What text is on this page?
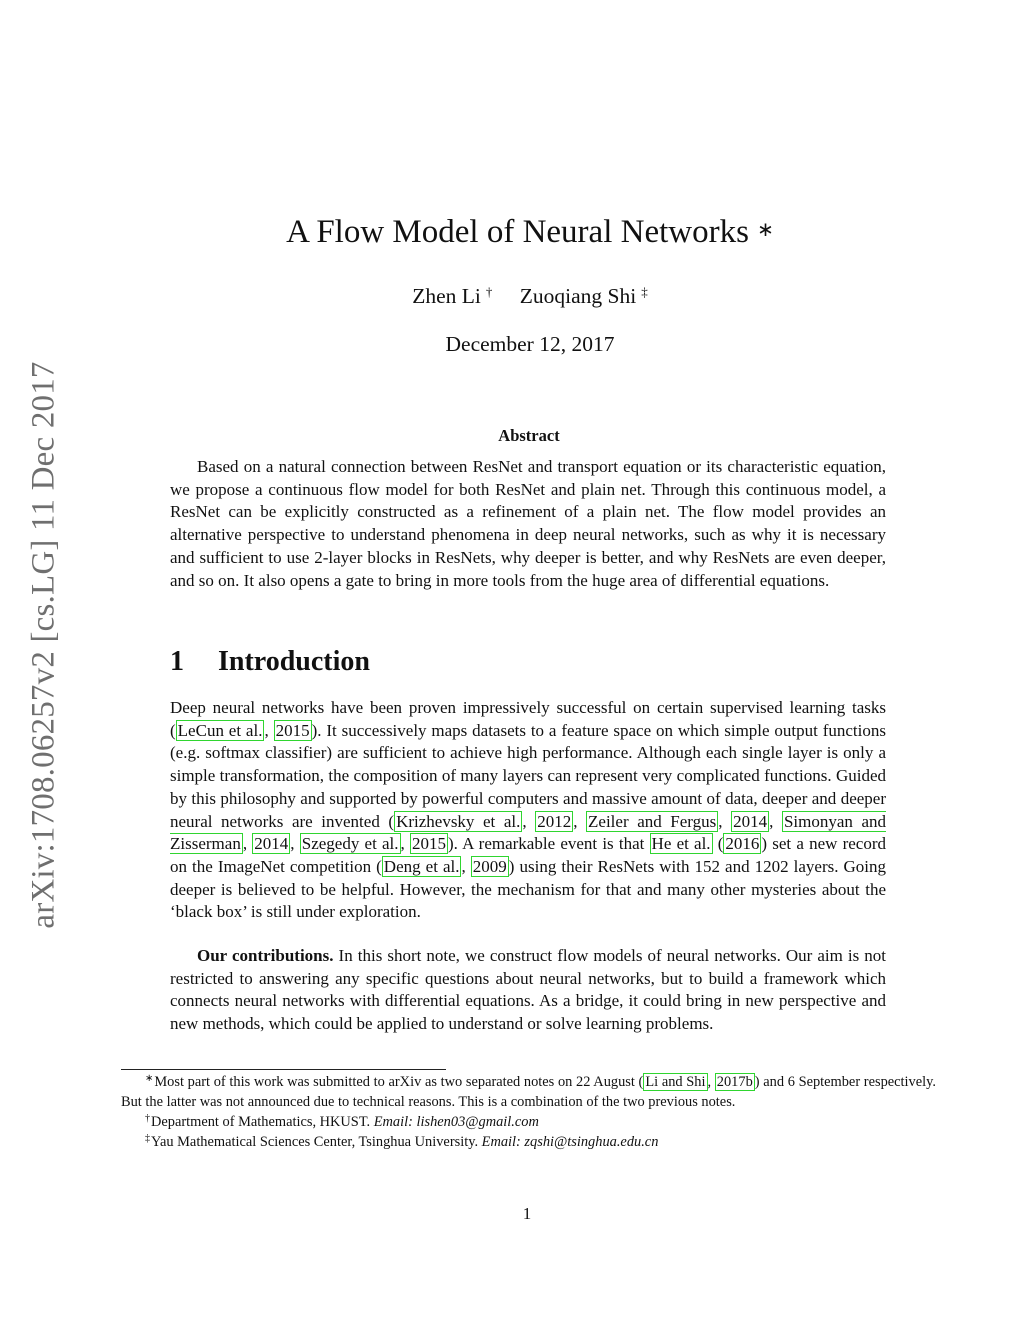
arXiv:1708.06257v2 [cs.LG] 11 Dec 2017
A Flow Model of Neural Networks ∗
Zhen Li † Zuoqiang Shi ‡
December 12, 2017
Abstract
Based on a natural connection between ResNet and transport equation or its characteristic equation, we propose a continuous flow model for both ResNet and plain net. Through this continuous model, a ResNet can be explicitly constructed as a refinement of a plain net. The flow model provides an alternative perspective to understand phenomena in deep neural networks, such as why it is necessary and sufficient to use 2-layer blocks in ResNets, why deeper is better, and why ResNets are even deeper, and so on. It also opens a gate to bring in more tools from the huge area of differential equations.
1 Introduction
Deep neural networks have been proven impressively successful on certain supervised learning tasks ( LeCun et al. , 2015 ). It successively maps datasets to a feature space on which simple output functions (e.g. softmax classifier) are sufficient to achieve high performance. Although each single layer is only a simple transformation, the composition of many layers can represent very complicated functions. Guided by this philosophy and supported by powerful computers and massive amount of data, deeper and deeper neural networks are invented ( Krizhevsky et al. , 2012 , Zeiler and Fergus , 2014 , Simonyan and Zisserman , 2014 , Szegedy et al. , 2015 ). A remarkable event is that He et al. ( 2016 ) set a new record on the ImageNet competition ( Deng et al. , 2009 ) using their ResNets with 152 and 1202 layers. Going deeper is believed to be helpful. However, the mechanism for that and many other mysteries about the ‘black box’ is still under exploration.
Our contributions. In this short note, we construct flow models of neural networks. Our aim is not restricted to answering any specific questions about neural networks, but to build a framework which connects neural networks with differential equations. As a bridge, it could bring in new perspective and new methods, which could be applied to understand or solve learning problems.
∗Most part of this work was submitted to arXiv as two separated notes on 22 August ( Li and Shi , 2017b ) and 6 September respectively. But the latter was not announced due to technical reasons. This is a combination of the two previous notes.
†Department of Mathematics, HKUST. Email: lishen03@gmail.com
‡Yau Mathematical Sciences Center, Tsinghua University. Email: zqshi@tsinghua.edu.cn
1
